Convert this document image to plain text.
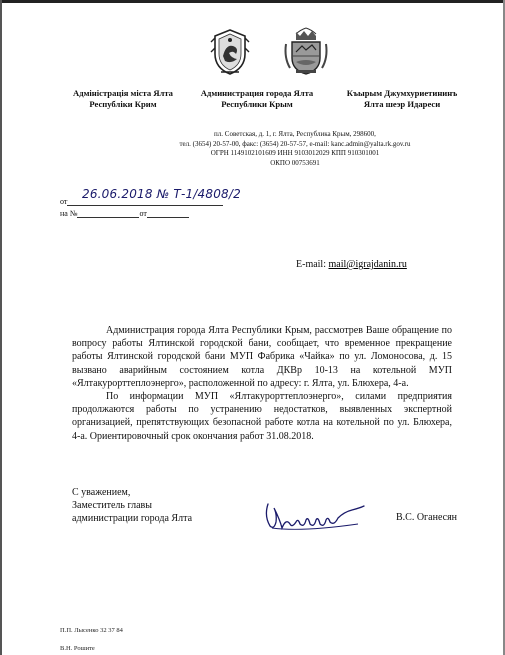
Адміністрація міста Ялта
Республіки Крим
Администрация города Ялта
Республики Крым
Къырым Джумхуриетининъ
Ялта шеэр Идареси
пл. Советская, д. 1, г. Ялта, Республика Крым, 298600,
тел. (3654) 20-57-00, факс: (3654) 20-57-57, e-mail: kanc.admin@yalta.rk.gov.ru
ОГРН 1149102101609 ИНН 9103012029 КПП 910301001
ОКПО 00753691
от
26.06.2018 № Т-1/4808/2
на №	от
E-mail: mail@igrajdanin.ru

Администрация города Ялта Республики Крым, рассмотрев Ваше обращение по вопросу работы Ялтинской городской бани, сообщает, что временное прекращение работы Ялтинской городской бани МУП Фабрика «Чайка» по ул. Ломоносова, д. 15 вызвано аварийным состоянием котла ДКВр 10-13 на котельной МУП «Ялтакурорттеплоэнерго», расположенной по адресу: г. Ялта, ул. Блюхера, 4-а.

По информации МУП «Ялтакурорттеплоэнерго», силами предприятия продолжаются работы по устранению недостатков, выявленных экспертной организацией, препятствующих безопасной работе котла на котельной по ул. Блюхера, 4-а. Ориентировочный срок окончания работ 31.08.2018.

С уважением,
Заместитель главы
администрации города Ялта	В.С. Оганесян
П.П. Лысенко 32 37 84
В.Н. Рошите
